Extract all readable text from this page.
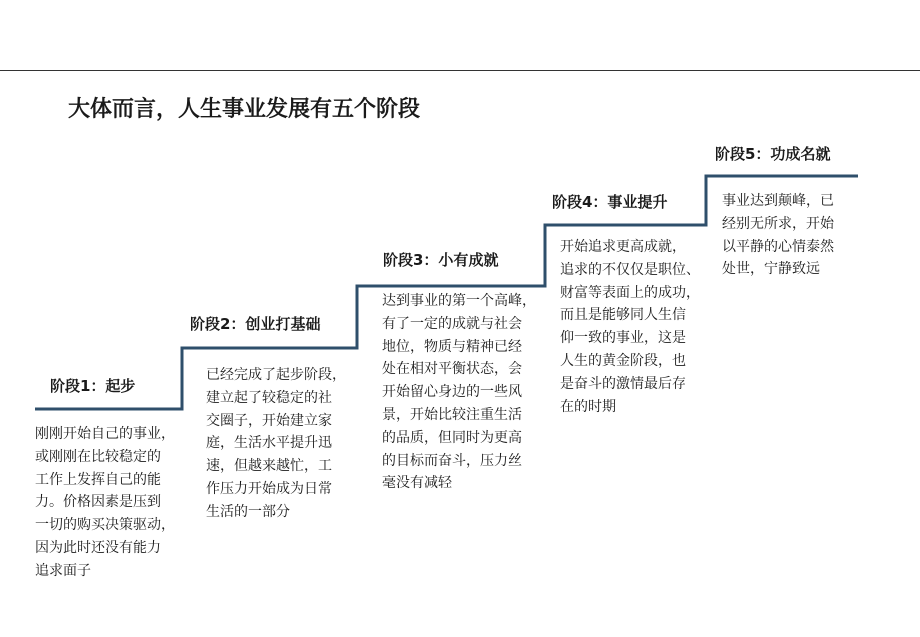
大体而言，人生事业发展有五个阶段
阶段1：起步
刚刚开始自己的事业，
或刚刚在比较稳定的
工作上发挥自己的能
力。价格因素是压到
一切的购买决策驱动，
因为此时还没有能力
追求面子
阶段2：创业打基础
已经完成了起步阶段，
建立起了较稳定的社
交圈子，开始建立家
庭，生活水平提升迅
速，但越来越忙，工
作压力开始成为日常
生活的一部分
阶段3：小有成就
达到事业的第一个高峰，
有了一定的成就与社会
地位，物质与精神已经
处在相对平衡状态，会
开始留心身边的一些风
景，开始比较注重生活
的品质，但同时为更高
的目标而奋斗，压力丝
毫没有减轻
阶段4：事业提升
开始追求更高成就，
追求的不仅仅是职位、
财富等表面上的成功，
而且是能够同人生信
仰一致的事业，这是
人生的黄金阶段，也
是奋斗的激情最后存
在的时期
阶段5：功成名就
事业达到颠峰，已
经别无所求，开始
以平静的心情泰然
处世，宁静致远
